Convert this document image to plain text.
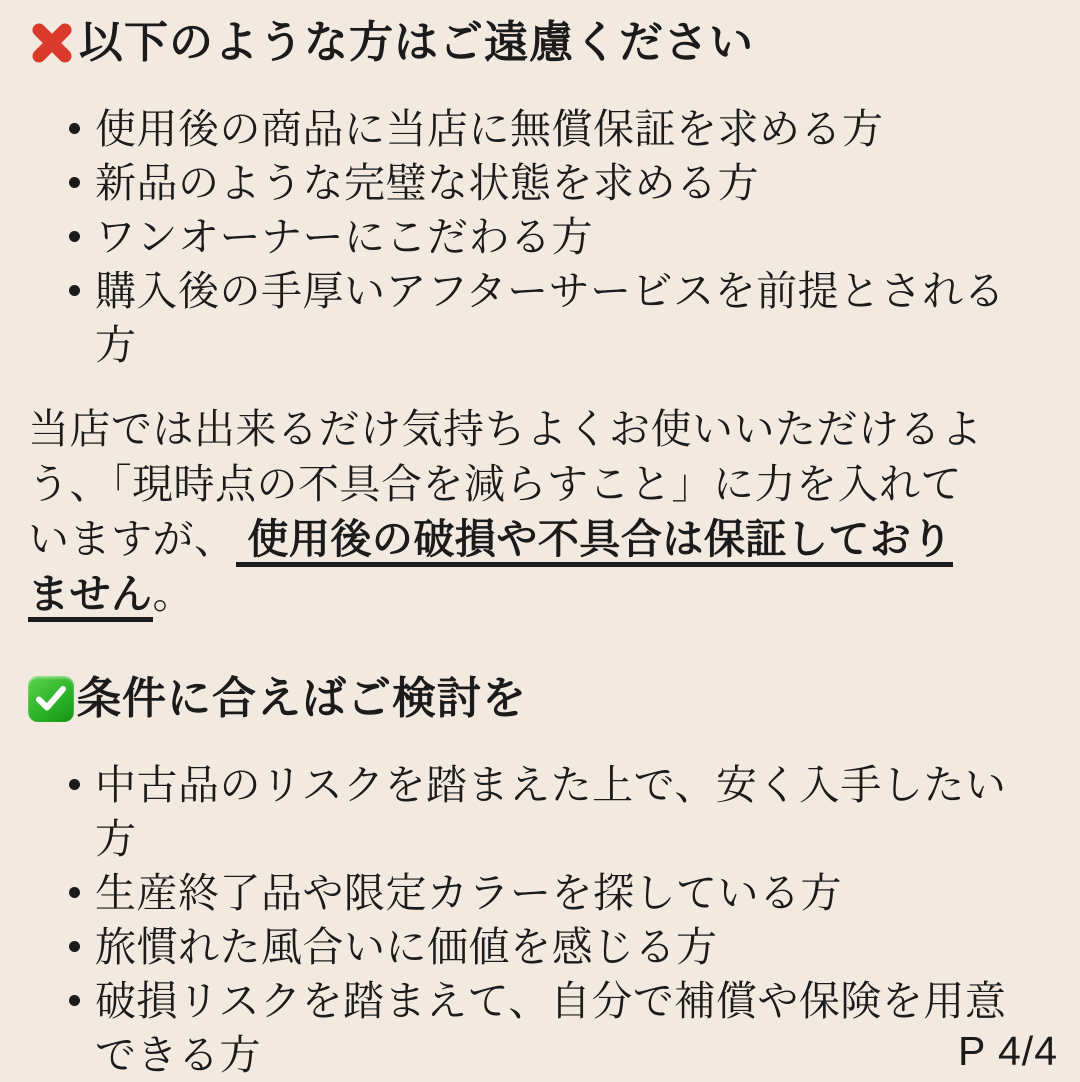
以下のような方はご遠慮ください
使用後の商品に当店に無償保証を求める方
新品のような完璧な状態を求める方
ワンオーナーにこだわる方
購入後の手厚いアフターサービスを前提とされる方

当店では出来るだけ気持ちよくお使いいただけるよう、「現時点の不具合を減らすこと」に力を入れていますが、 使用後の破損や不具合は保証しておりません。

条件に合えばご検討を
中古品のリスクを踏まえた上で、安く入手したい方
生産終了品や限定カラーを探している方
旅慣れた風合いに価値を感じる方
破損リスクを踏まえて、自分で補償や保険を用意できる方	P 4/4
